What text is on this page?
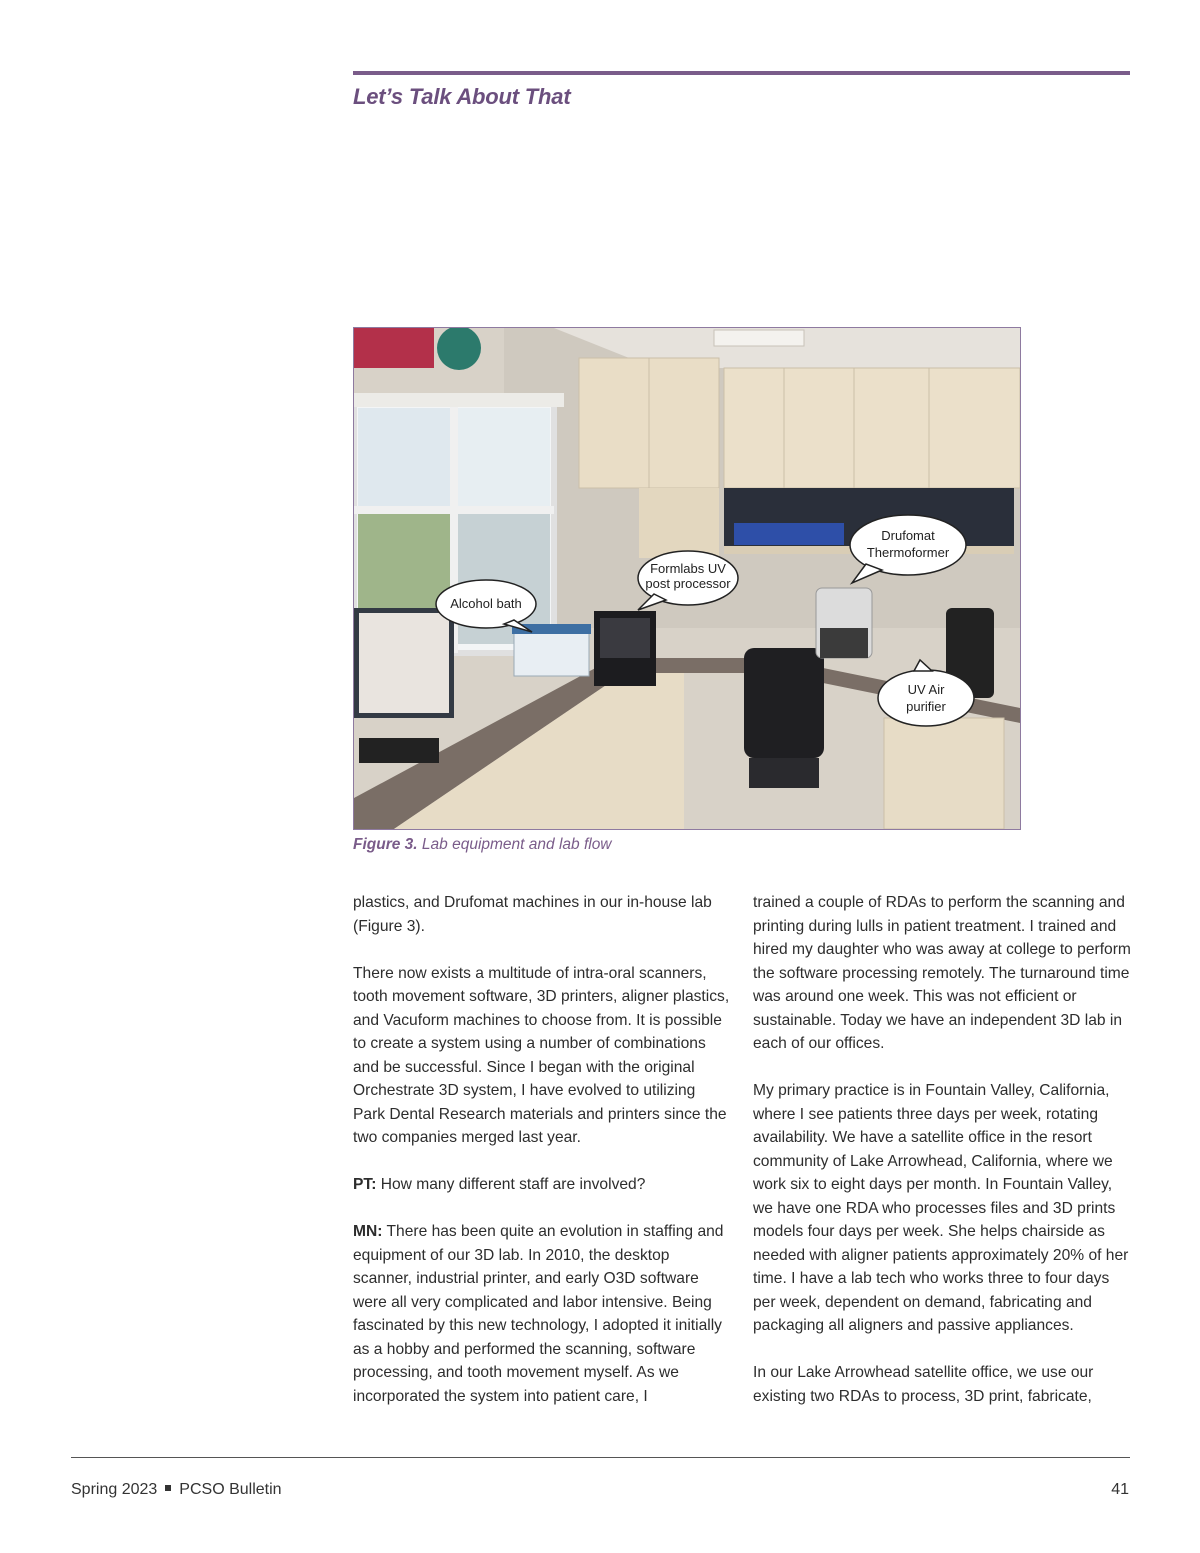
Let’s Talk About That
Alcohol bath
Formlabs UV
post processor
Drufomat
Thermoformer
UV Air
purifier
Figure 3. Lab equipment and lab flow

plastics, and Drufomat machines in our in-house lab (Figure 3).

There now exists a multitude of intra-oral scanners, tooth movement software, 3D printers, aligner plastics, and Vacuform machines to choose from. It is possible to create a system using a number of combinations and be successful. Since I began with the original Orchestrate 3D system, I have evolved to utilizing Park Dental Research materials and printers since the two companies merged last year.

PT: How many different staff are involved?

MN: There has been quite an evolution in staffing and equipment of our 3D lab. In 2010, the desktop scanner, industrial printer, and early O3D software were all very complicated and labor intensive. Being fascinated by this new technology, I adopted it initially as a hobby and performed the scanning, software processing, and tooth movement myself. As we incorporated the system into patient care, I

trained a couple of RDAs to perform the scanning and printing during lulls in patient treatment. I trained and hired my daughter who was away at college to perform the software processing remotely. The turnaround time was around one week. This was not efficient or sustainable. Today we have an independent 3D lab in each of our offices.

My primary practice is in Fountain Valley, California, where I see patients three days per week, rotating availability. We have a satellite office in the resort community of Lake Arrowhead, California, where we work six to eight days per month. In Fountain Valley, we have one RDA who processes files and 3D prints models four days per week. She helps chairside as needed with aligner patients approximately 20% of her time. I have a lab tech who works three to four days per week, dependent on demand, fabricating and packaging all aligners and passive appliances.

In our Lake Arrowhead satellite office, we use our existing two RDAs to process, 3D print, fabricate,

Spring 2023 PCSO Bulletin	41
